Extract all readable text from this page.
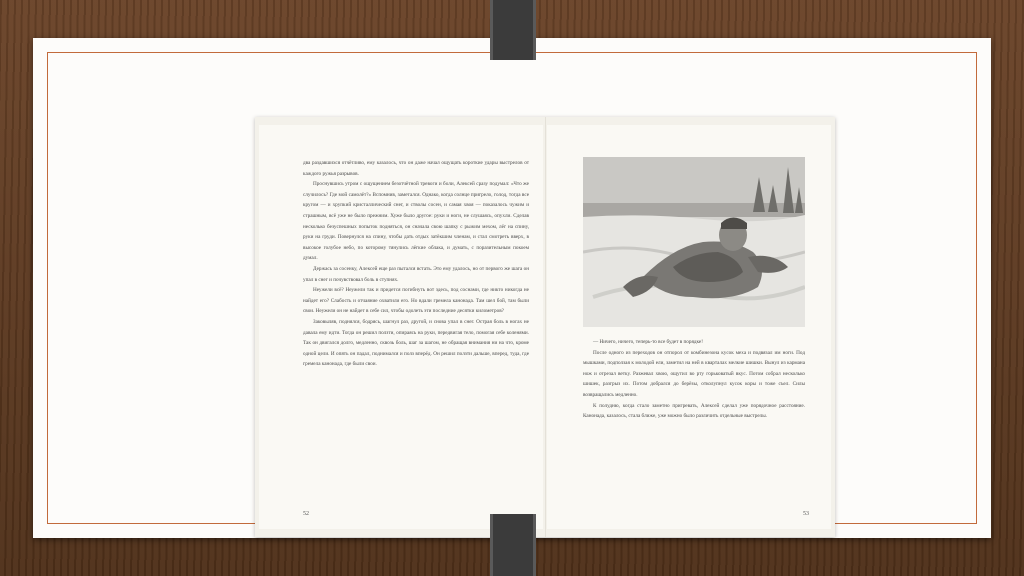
два раздавшихся отчётливо, ему казалось, что он даже начал ощущать короткие удары выстрелов от каждого ружья разрывов.

Проснувшись утром с ощущением безотчётной тревоги и боли, Алексей сразу подумал: «Что же случилось? Где мой самолёт?» Вспомнив, заметался. Однако, когда солнце пригрело, голод, тогда все кругом — и хрупкий кристаллический снег, и стволы сосен, и самая хвоя — показалось чужим и страшным, всё уже не было прежним. Хуже было другое: руки и ноги, не слушаясь, опухли. Сделав несколько безуспешных попыток подняться, он сначала свою шапку с рыжим мехом, лёг на спину, руки на груди. Повернулся на спину, чтобы дать отдых затёкшим членам, и стал смотреть вверх, в высокое голубое небо, по которому тянулись лёгкие облака, и думать, с поразительным покоем думал.

Держась за сосенку, Алексей еще раз пытался встать. Это ему удалось, но от первого же шага он упал в снег и почувствовал боль в ступнях.

Неужели всё? Неужели так и придется погибнуть вот здесь, под соснами, где никто никогда не найдет его? Слабость и отчаяние охватили его. Но вдали гремела канонада. Там шел бой, там были свои. Неужели он не найдет в себе сил, чтобы одолеть эти последние десятки километров?

Заковыляв, поднялся, бодрясь, шагнул раз, другой, и снова упал в снег. Острая боль в ногах не давала ему идти. Тогда он решил ползти, опираясь на руки, передвигая тело, помогая себе коленями. Так он двигался долго, медленно, сквозь боль, шаг за шагом, не обращая внимания ни на что, кроме одной цели. И опять он падал, поднимался и полз вперёд. Он решил ползти дальше, вперед, туда, где гремела канонада, где были свои.

52

— Ничего, ничего, теперь-то все будет в порядке!

После одного из переходов он отпорол от комбинезона кусок меха и подвязал им ноги. Под мышками, подползая к молодой ели, заметил на ней в кварталах мелкие шишки. Вынул из кармана нож и отрезал ветку. Разжевал хвою, ощутил во рту горьковатый вкус. Потом собрал несколько шишек, разгрыз их. Потом добрался до берёзы, отколупнул кусок коры и тоже съел. Силы возвращались медленно.

К полудню, когда стало заметно пригревать, Алексей сделал уже порядочное расстояние. Канонада, казалось, стала ближе, уже можно было различить отдельные выстрелы.

53
